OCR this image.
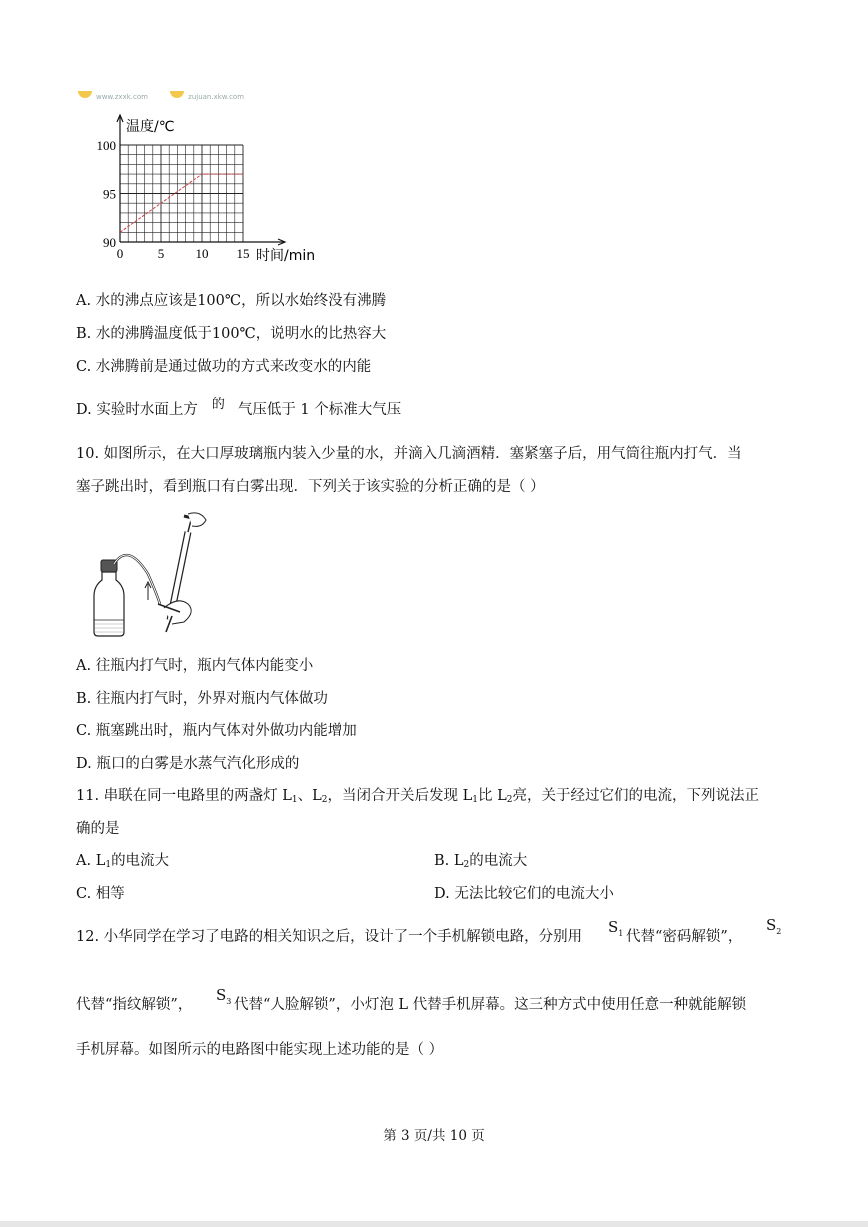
www.zxxk.com	zujuan.xkw.com
0	5 10 15
90
95
100
温度/℃
时间/min
A. 水的沸点应该是100℃，所以水始终没有沸腾
B. 水的沸腾温度低于100℃，说明水的比热容大
C. 水沸腾前是通过做功的方式来改变水的内能
D. 实验时水面上方 的 气压低于 1 个标准大气压
10. 如图所示，在大口厚玻璃瓶内装入少量的水，并滴入几滴酒精．塞紧塞子后，用气筒往瓶内打气．当
塞子跳出时，看到瓶口有白雾出现．下列关于该实验的分析正确的是（ ）
A. 往瓶内打气时，瓶内气体内能变小
B. 往瓶内打气时，外界对瓶内气体做功
C. 瓶塞跳出时，瓶内气体对外做功内能增加
D. 瓶口的白雾是水蒸气汽化形成的
11. 串联在同一电路里的两盏灯 $L_1$、$L_2$，当闭合开关后发现 $L_1$比 $L_2$亮，关于经过它们的电流，下列说法正
确的是
A. $L_1$的电流大	B. $L_2$的电流大
C. 相等	D. 无法比较它们的电流大小
12. 小华同学在学习了电路的相关知识之后，设计了一个手机解锁电路，分别用
$S_1$ 代替“密码解锁”，
$S_2$
代替“指纹解锁”，
$S_3$ 代替“人脸解锁”，小灯泡 L 代替手机屏幕。这三种方式中使用任意一种就能解锁
手机屏幕。如图所示的电路图中能实现上述功能的是（ ）
第 3 页/共 10 页
